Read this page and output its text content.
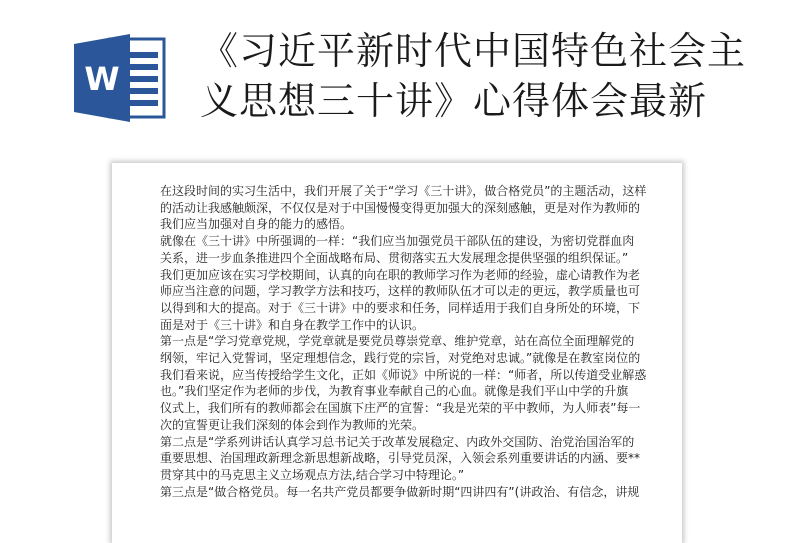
W
《习近平新时代中国特色社会主
义思想三十讲》心得体会最新
在这段时间的实习生活中，我们开展了关于“学习《三十讲》，做合格党员”的主题活动，这样
的活动让我感触颇深，不仅仅是对于中国慢慢变得更加强大的深刻感触，更是对作为教师的
我们应当加强对自身的能力的感悟。
就像在《三十讲》中所强调的一样：“我们应当加强党员干部队伍的建设，为密切党群血肉
关系，进一步血条推进四个全面战略布局、贯彻落实五大发展理念提供坚强的组织保证。”
我们更加应该在实习学校期间，认真的向在职的教师学习作为老师的经验，虚心请教作为老
师应当注意的问题，学习教学方法和技巧，这样的教师队伍才可以走的更远，教学质量也可
以得到和大的提高。对于《三十讲》中的要求和任务，同样适用于我们自身所处的环境，下
面是对于《三十讲》和自身在教学工作中的认识。
第一点是“学习党章党规，学党章就是要党员尊崇党章、维护党章，站在高位全面理解党的
纲领，牢记入党誓词，坚定理想信念，践行党的宗旨，对党绝对忠诚。”就像是在教室岗位的
我们看来说，应当传授给学生文化，正如《师说》中所说的一样：“师者，所以传道受业解惑
也。”我们坚定作为老师的步伐，为教育事业奉献自己的心血。就像是我们平山中学的升旗
仪式上，我们所有的教师都会在国旗下庄严的宣誓：“我是光荣的平中教师，为人师表”每一
次的宣誓更让我们深刻的体会到作为教师的光荣。
第二点是“学系列讲话认真学习总书记关于改革发展稳定、内政外交国防、治党治国治军的
重要思想、治国理政新理念新思想新战略，引导党员深，入领会系列重要讲话的内涵、要**
贯穿其中的马克思主义立场观点方法,结合学习中特理论。”
第三点是“做合格党员。每一名共产党员都要争做新时期“四讲四有”(讲政治、有信念，讲规
